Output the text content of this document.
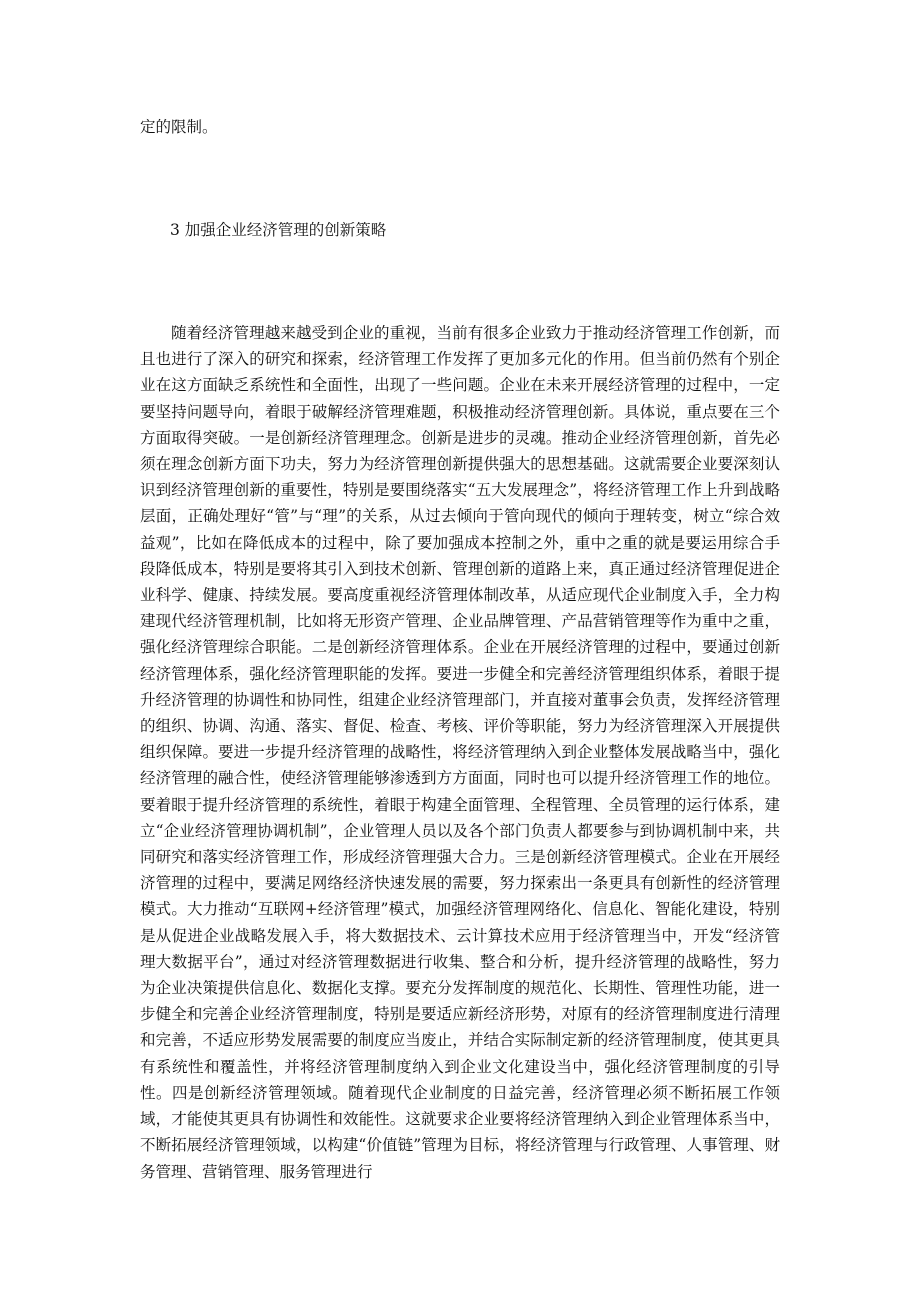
定的限制。
3 加强企业经济管理的创新策略

随着经济管理越来越受到企业的重视，当前有很多企业致力于推动经济管理工作创新，而且也进行了深入的研究和探索，经济管理工作发挥了更加多元化的作用。但当前仍然有个别企业在这方面缺乏系统性和全面性，出现了一些问题。企业在未来开展经济管理的过程中，一定要坚持问题导向，着眼于破解经济管理难题，积极推动经济管理创新。具体说，重点要在三个方面取得突破。一是创新经济管理理念。创新是进步的灵魂。推动企业经济管理创新，首先必须在理念创新方面下功夫，努力为经济管理创新提供强大的思想基础。这就需要企业要深刻认识到经济管理创新的重要性，特别是要围绕落实“五大发展理念”，将经济管理工作上升到战略层面，正确处理好“管”与“理”的关系，从过去倾向于管向现代的倾向于理转变，树立“综合效益观”，比如在降低成本的过程中，除了要加强成本控制之外，重中之重的就是要运用综合手段降低成本，特别是要将其引入到技术创新、管理创新的道路上来，真正通过经济管理促进企业科学、健康、持续发展。要高度重视经济管理体制改革，从适应现代企业制度入手，全力构建现代经济管理机制，比如将无形资产管理、企业品牌管理、产品营销管理等作为重中之重，强化经济管理综合职能。二是创新经济管理体系。企业在开展经济管理的过程中，要通过创新经济管理体系，强化经济管理职能的发挥。要进一步健全和完善经济管理组织体系，着眼于提升经济管理的协调性和协同性，组建企业经济管理部门，并直接对董事会负责，发挥经济管理的组织、协调、沟通、落实、督促、检查、考核、评价等职能，努力为经济管理深入开展提供组织保障。要进一步提升经济管理的战略性，将经济管理纳入到企业整体发展战略当中，强化经济管理的融合性，使经济管理能够渗透到方方面面，同时也可以提升经济管理工作的地位。要着眼于提升经济管理的系统性，着眼于构建全面管理、全程管理、全员管理的运行体系，建立“企业经济管理协调机制”，企业管理人员以及各个部门负责人都要参与到协调机制中来，共同研究和落实经济管理工作，形成经济管理强大合力。三是创新经济管理模式。企业在开展经济管理的过程中，要满足网络经济快速发展的需要，努力探索出一条更具有创新性的经济管理模式。大力推动“互联网+经济管理”模式，加强经济管理网络化、信息化、智能化建设，特别是从促进企业战略发展入手，将大数据技术、云计算技术应用于经济管理当中，开发“经济管理大数据平台”，通过对经济管理数据进行收集、整合和分析，提升经济管理的战略性，努力为企业决策提供信息化、数据化支撑。要充分发挥制度的规范化、长期性、管理性功能，进一步健全和完善企业经济管理制度，特别是要适应新经济形势，对原有的经济管理制度进行清理和完善，不适应形势发展需要的制度应当废止，并结合实际制定新的经济管理制度，使其更具有系统性和覆盖性，并将经济管理制度纳入到企业文化建设当中，强化经济管理制度的引导性。四是创新经济管理领域。随着现代企业制度的日益完善，经济管理必须不断拓展工作领域，才能使其更具有协调性和效能性。这就要求企业要将经济管理纳入到企业管理体系当中，不断拓展经济管理领域，以构建“价值链”管理为目标，将经济管理与行政管理、人事管理、财务管理、营销管理、服务管理进行
